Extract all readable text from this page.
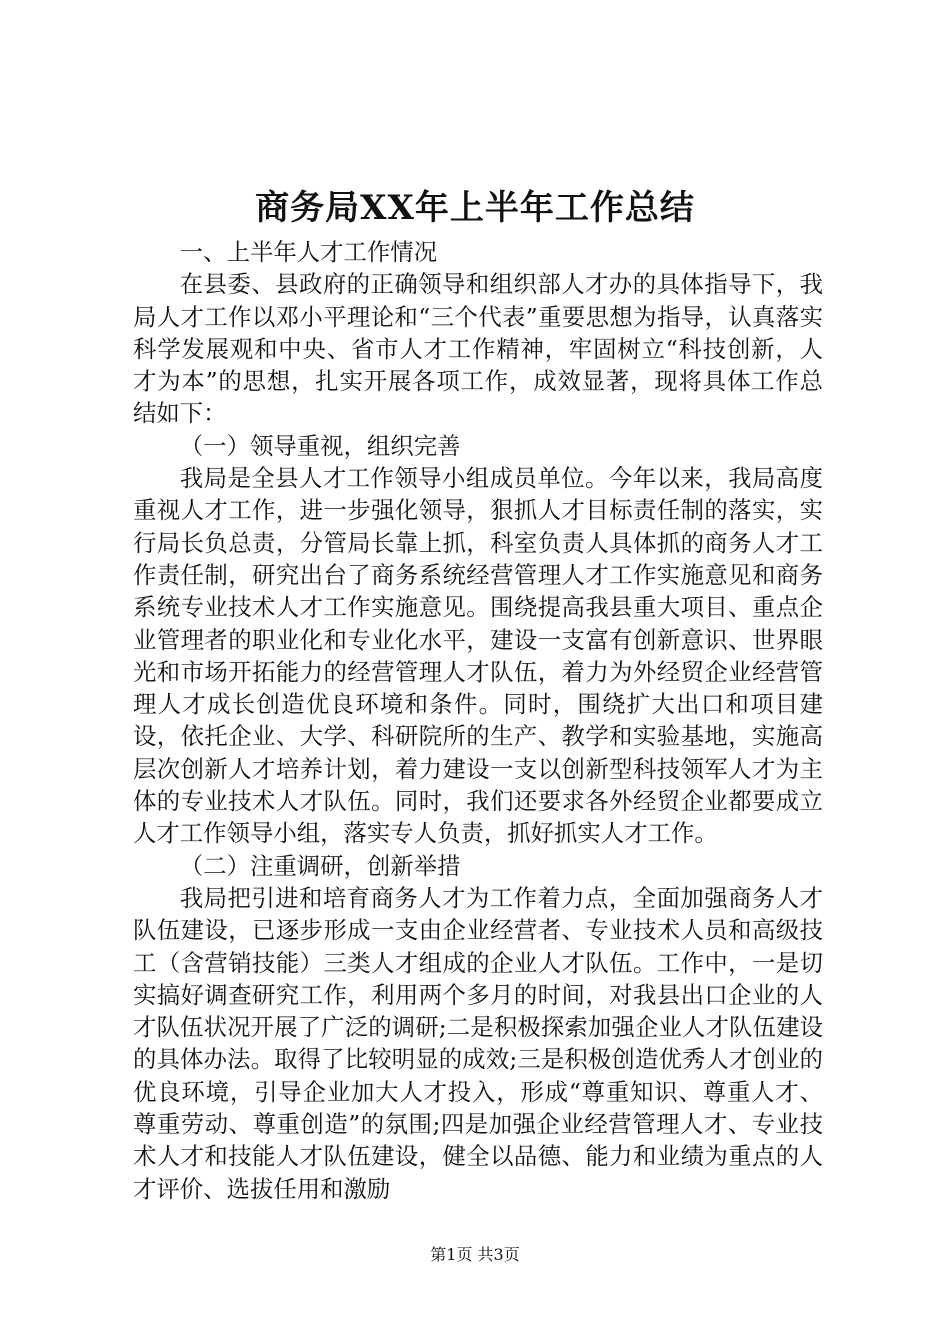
商务局XX年上半年工作总结

一、上半年人才工作情况

在县委、县政府的正确领导和组织部人才办的具体指导下，我局人才工作以邓小平理论和“三个代表”重要思想为指导，认真落实科学发展观和中央、省市人才工作精神，牢固树立“科技创新，人才为本”的思想，扎实开展各项工作，成效显著，现将具体工作总结如下：

（一）领导重视，组织完善

我局是全县人才工作领导小组成员单位。今年以来，我局高度重视人才工作，进一步强化领导，狠抓人才目标责任制的落实，实行局长负总责，分管局长靠上抓，科室负责人具体抓的商务人才工作责任制，研究出台了商务系统经营管理人才工作实施意见和商务系统专业技术人才工作实施意见。围绕提高我县重大项目、重点企业管理者的职业化和专业化水平，建设一支富有创新意识、世界眼光和市场开拓能力的经营管理人才队伍，着力为外经贸企业经营管理人才成长创造优良环境和条件。同时，围绕扩大出口和项目建设，依托企业、大学、科研院所的生产、教学和实验基地，实施高层次创新人才培养计划，着力建设一支以创新型科技领军人才为主体的专业技术人才队伍。同时，我们还要求各外经贸企业都要成立人才工作领导小组，落实专人负责，抓好抓实人才工作。

（二）注重调研，创新举措

我局把引进和培育商务人才为工作着力点，全面加强商务人才队伍建设，已逐步形成一支由企业经营者、专业技术人员和高级技工（含营销技能）三类人才组成的企业人才队伍。工作中，一是切实搞好调查研究工作，利用两个多月的时间，对我县出口企业的人才队伍状况开展了广泛的调研;二是积极探索加强企业人才队伍建设的具体办法。取得了比较明显的成效;三是积极创造优秀人才创业的优良环境，引导企业加大人才投入，形成“尊重知识、尊重人才、尊重劳动、尊重创造”的氛围;四是加强企业经营管理人才、专业技术人才和技能人才队伍建设，健全以品德、能力和业绩为重点的人才评价、选拔任用和激励

第1页 共3页
